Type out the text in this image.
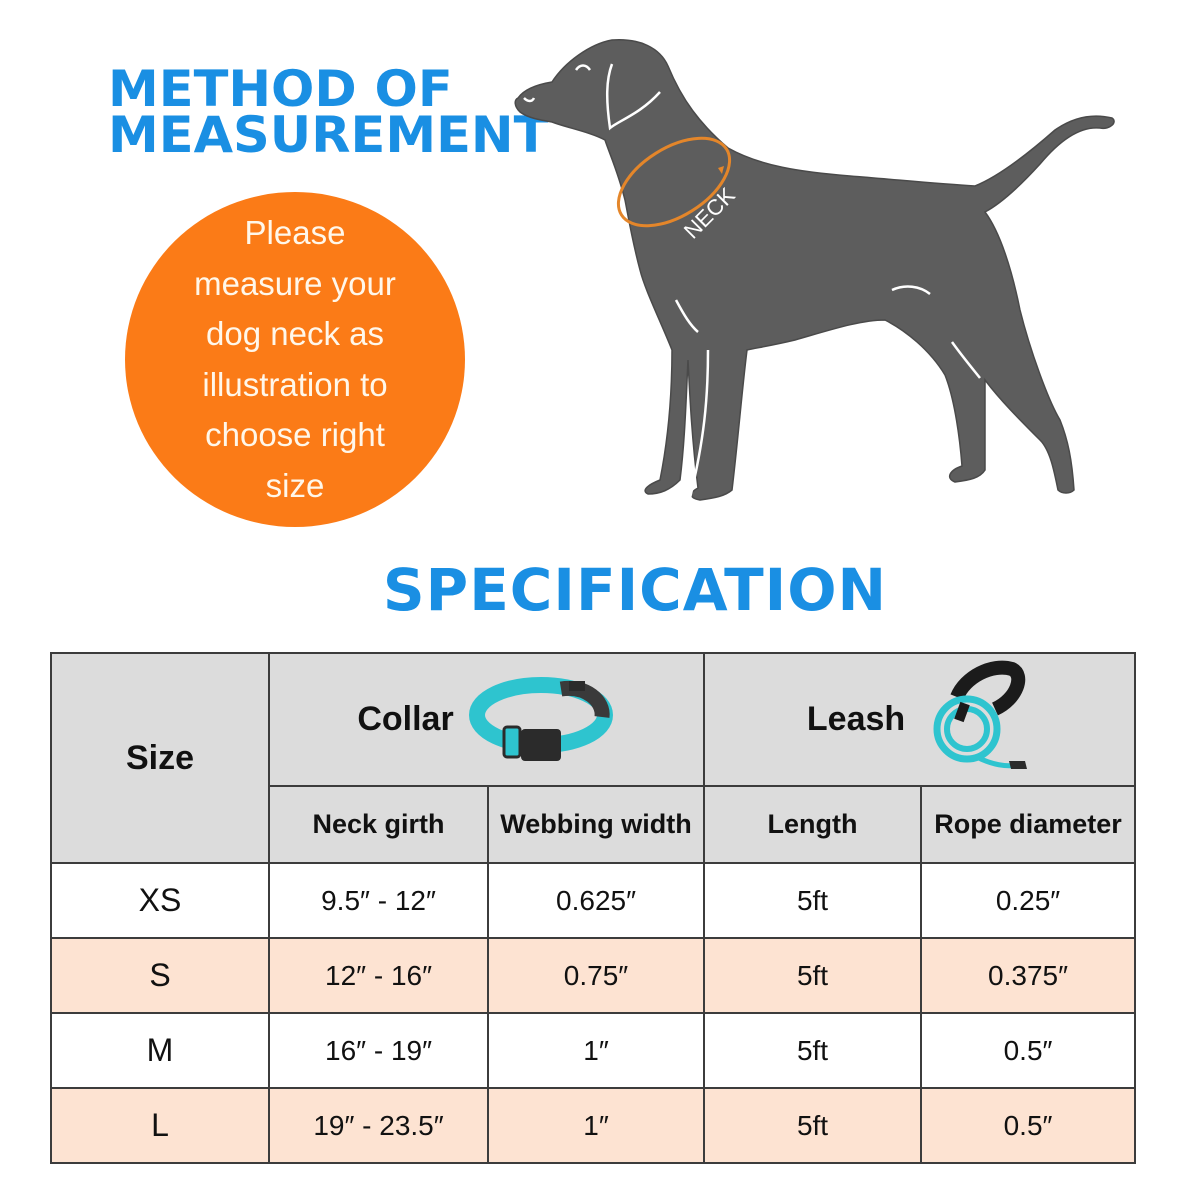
METHOD OF
MEASUREMENT
Please
measure your
dog neck as
illustration to
choose right
size
NECK
SPECIFICATION
Size	Collar		Leash	

	Neck girth	Webbing width	Length	Rope diameter
XS	9.5″ - 12″	0.625″	5ft	0.25″
S	12″ - 16″	0.75″	5ft	0.375″
M	16″ - 19″	1″	5ft	0.5″
L	19″ - 23.5″	1″	5ft	0.5″
